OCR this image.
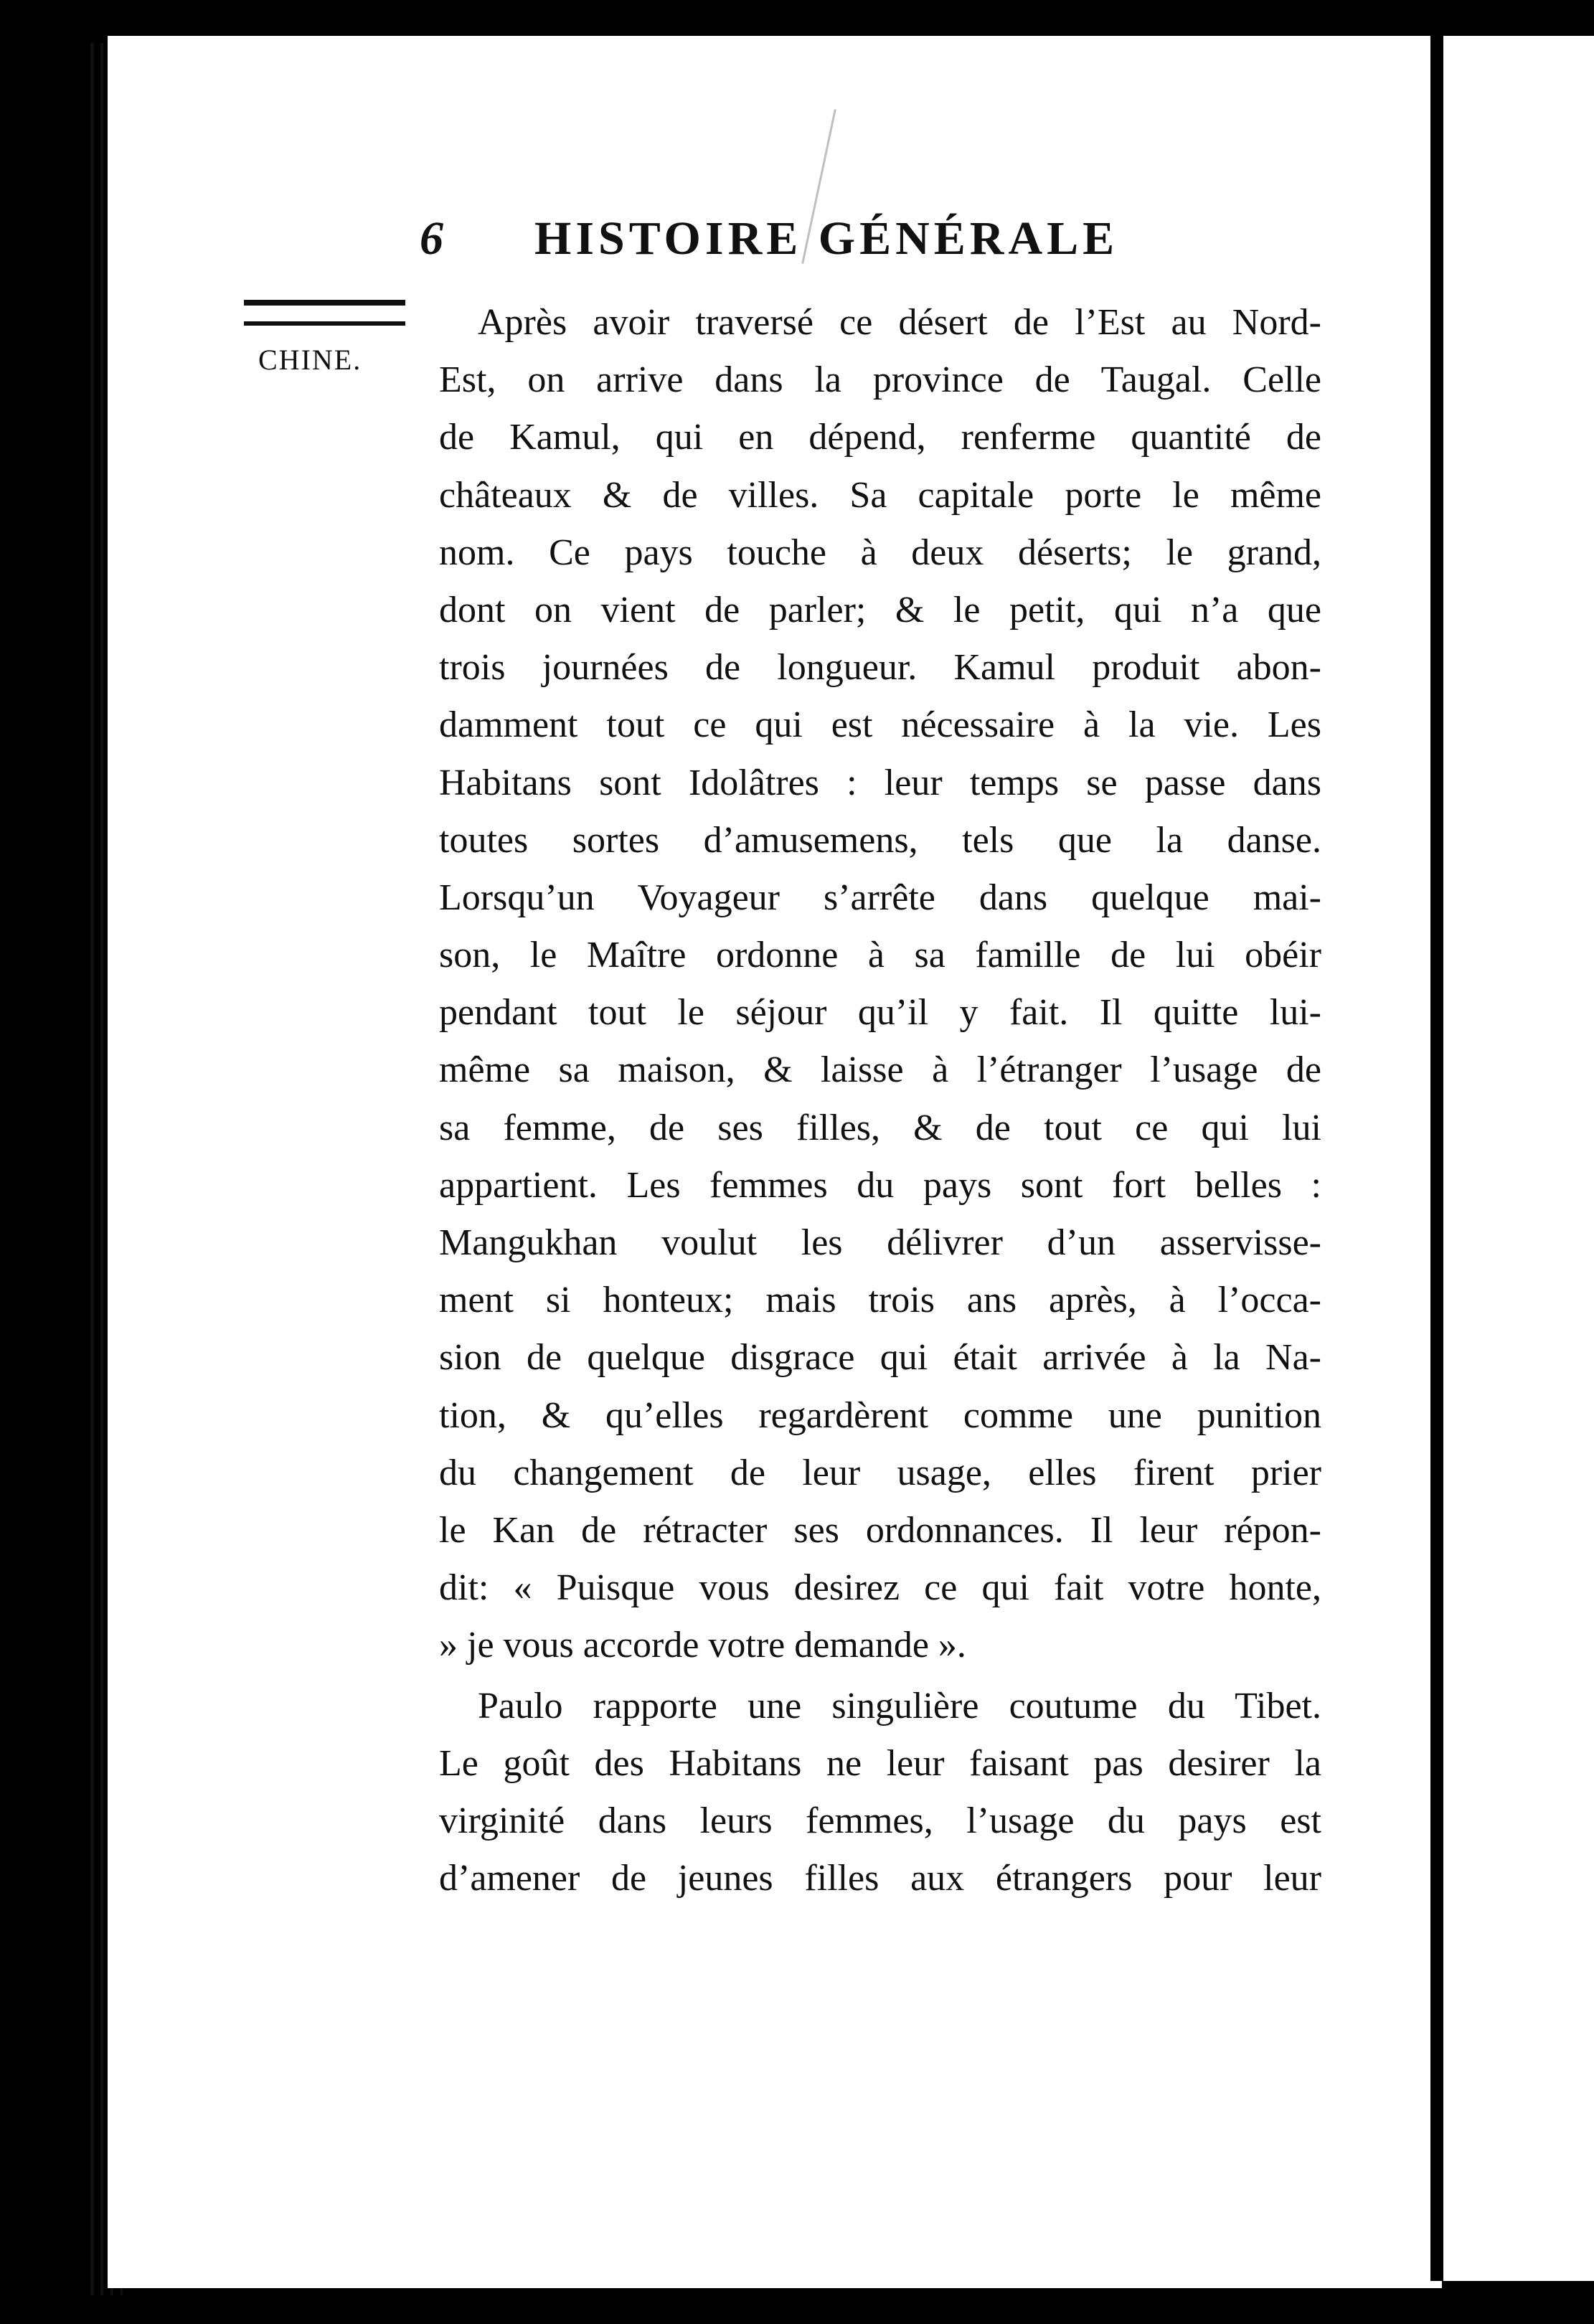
6 HISTOIRE GÉNÉRALE
CHINE.
Après avoir traversé ce désert de l’Est au Nord-
Est, on arrive dans la province de Taugal. Celle
de Kamul, qui en dépend, renferme quantité de
châteaux & de villes. Sa capitale porte le même
nom. Ce pays touche à deux déserts; le grand,
dont on vient de parler; & le petit, qui n’a que
trois journées de longueur. Kamul produit abon-
damment tout ce qui est nécessaire à la vie. Les
Habitans sont Idolâtres : leur temps se passe dans
toutes sortes d’amusemens, tels que la danse.
Lorsqu’un Voyageur s’arrête dans quelque mai-
son, le Maître ordonne à sa famille de lui obéir
pendant tout le séjour qu’il y fait. Il quitte lui-
même sa maison, & laisse à l’étranger l’usage de
sa femme, de ses filles, & de tout ce qui lui
appartient. Les femmes du pays sont fort belles :
Mangukhan voulut les délivrer d’un asservisse-
ment si honteux; mais trois ans après, à l’occa-
sion de quelque disgrace qui était arrivée à la Na-
tion, & qu’elles regardèrent comme une punition
du changement de leur usage, elles firent prier
le Kan de rétracter ses ordonnances. Il leur répon-
dit: « Puisque vous desirez ce qui fait votre honte,
» je vous accorde votre demande ».
Paulo rapporte une singulière coutume du Tibet.
Le goût des Habitans ne leur faisant pas desirer la
virginité dans leurs femmes, l’usage du pays est
d’amener de jeunes filles aux étrangers pour leur
